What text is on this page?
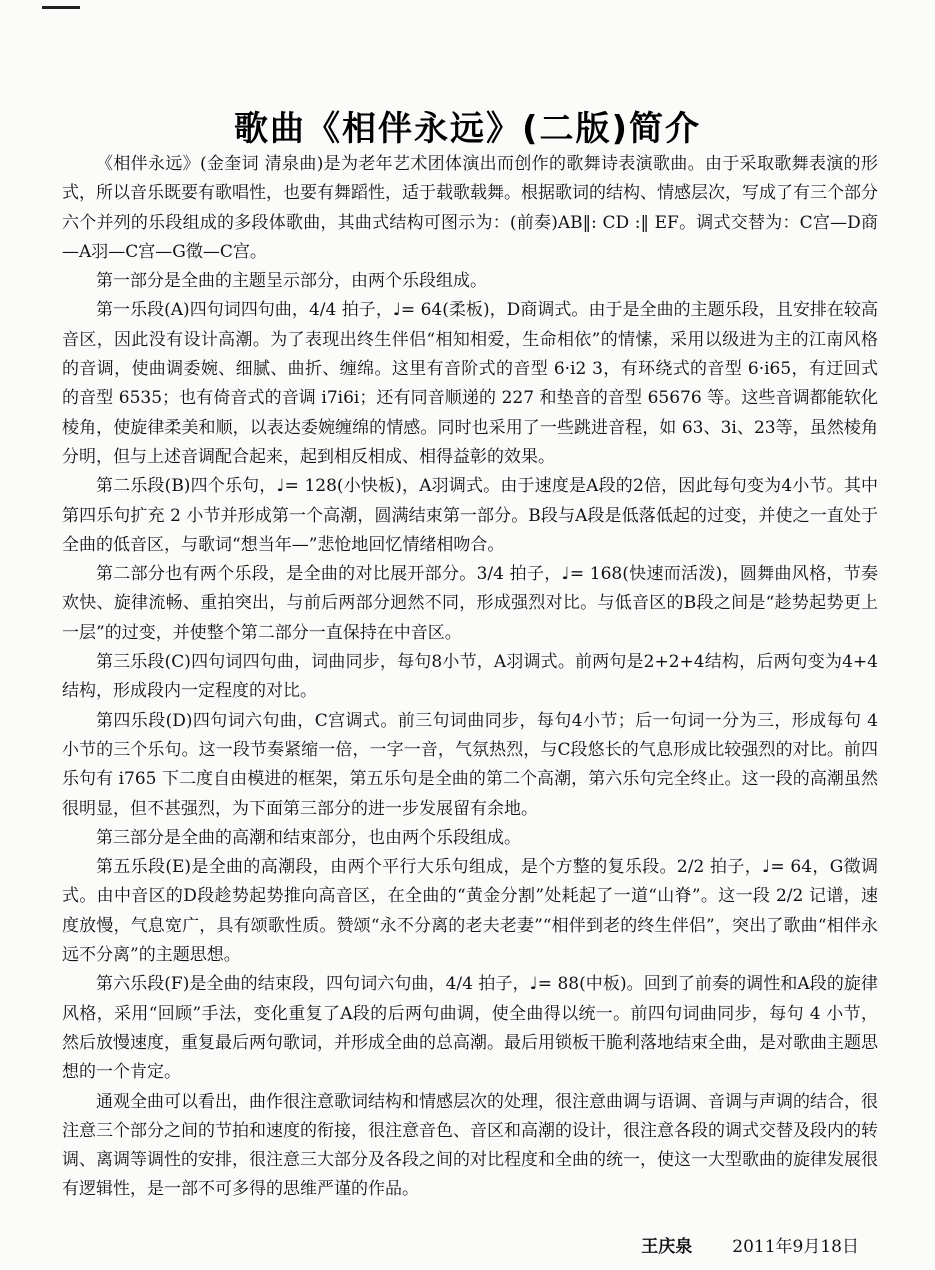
歌曲《相伴永远》(二版)简介

《相伴永远》(金奎词 清泉曲)是为老年艺术团体演出而创作的歌舞诗表演歌曲。由于采取歌舞表演的形式，所以音乐既要有歌唱性，也要有舞蹈性，适于载歌载舞。根据歌词的结构、情感层次，写成了有三个部分六个并列的乐段组成的多段体歌曲，其曲式结构可图示为：(前奏)AB‖: CD :‖ EF。调式交替为：C宫—D商—A羽—C宫—G徵—C宫。

第一部分是全曲的主题呈示部分，由两个乐段组成。

第一乐段(A)四句词四句曲，4/4 拍子，♩= 64(柔板)，D商调式。由于是全曲的主题乐段，且安排在较高音区，因此没有设计高潮。为了表现出终生伴侣“相知相爱，生命相依”的情愫，采用以级进为主的江南风格的音调，使曲调委婉、细腻、曲折、缠绵。这里有音阶式的音型 6·i2 3，有环绕式的音型 6·i65，有迂回式的音型 6535；也有倚音式的音调 i7i6i；还有同音顺递的 227 和垫音的音型 65676 等。这些音调都能软化棱角，使旋律柔美和顺，以表达委婉缠绵的情感。同时也采用了一些跳进音程，如 63、3i、23等，虽然棱角分明，但与上述音调配合起来，起到相反相成、相得益彰的效果。

第二乐段(B)四个乐句，♩= 128(小快板)，A羽调式。由于速度是A段的2倍，因此每句变为4小节。其中第四乐句扩充 2 小节并形成第一个高潮，圆满结束第一部分。B段与A段是低落低起的过变，并使之一直处于全曲的低音区，与歌词“想当年—”悲怆地回忆情绪相吻合。

第二部分也有两个乐段，是全曲的对比展开部分。3/4 拍子，♩= 168(快速而活泼)，圆舞曲风格，节奏欢快、旋律流畅、重拍突出，与前后两部分迥然不同，形成强烈对比。与低音区的B段之间是“趁势起势更上一层”的过变，并使整个第二部分一直保持在中音区。

第三乐段(C)四句词四句曲，词曲同步，每句8小节，A羽调式。前两句是2+2+4结构，后两句变为4+4结构，形成段内一定程度的对比。

第四乐段(D)四句词六句曲，C宫调式。前三句词曲同步，每句4小节；后一句词一分为三，形成每句 4 小节的三个乐句。这一段节奏紧缩一倍，一字一音，气氛热烈，与C段悠长的气息形成比较强烈的对比。前四乐句有 i765 下二度自由模进的框架，第五乐句是全曲的第二个高潮，第六乐句完全终止。这一段的高潮虽然很明显，但不甚强烈，为下面第三部分的进一步发展留有余地。

第三部分是全曲的高潮和结束部分，也由两个乐段组成。

第五乐段(E)是全曲的高潮段，由两个平行大乐句组成，是个方整的复乐段。2/2 拍子，♩= 64，G徵调式。由中音区的D段趁势起势推向高音区，在全曲的“黄金分割”处耗起了一道“山脊”。这一段 2/2 记谱，速度放慢，气息宽广，具有颂歌性质。赞颂“永不分离的老夫老妻”“相伴到老的终生伴侣”，突出了歌曲“相伴永远不分离”的主题思想。

第六乐段(F)是全曲的结束段，四句词六句曲，4/4 拍子，♩= 88(中板)。回到了前奏的调性和A段的旋律风格，采用“回顾”手法，变化重复了A段的后两句曲调，使全曲得以统一。前四句词曲同步，每句 4 小节，然后放慢速度，重复最后两句歌词，并形成全曲的总高潮。最后用锁板干脆利落地结束全曲，是对歌曲主题思想的一个肯定。

通观全曲可以看出，曲作很注意歌词结构和情感层次的处理，很注意曲调与语调、音调与声调的结合，很注意三个部分之间的节拍和速度的衔接，很注意音色、音区和高潮的设计，很注意各段的调式交替及段内的转调、离调等调性的安排，很注意三大部分及各段之间的对比程度和全曲的统一，使这一大型歌曲的旋律发展很有逻辑性，是一部不可多得的思维严谨的作品。

王庆泉 2011年9月18日
